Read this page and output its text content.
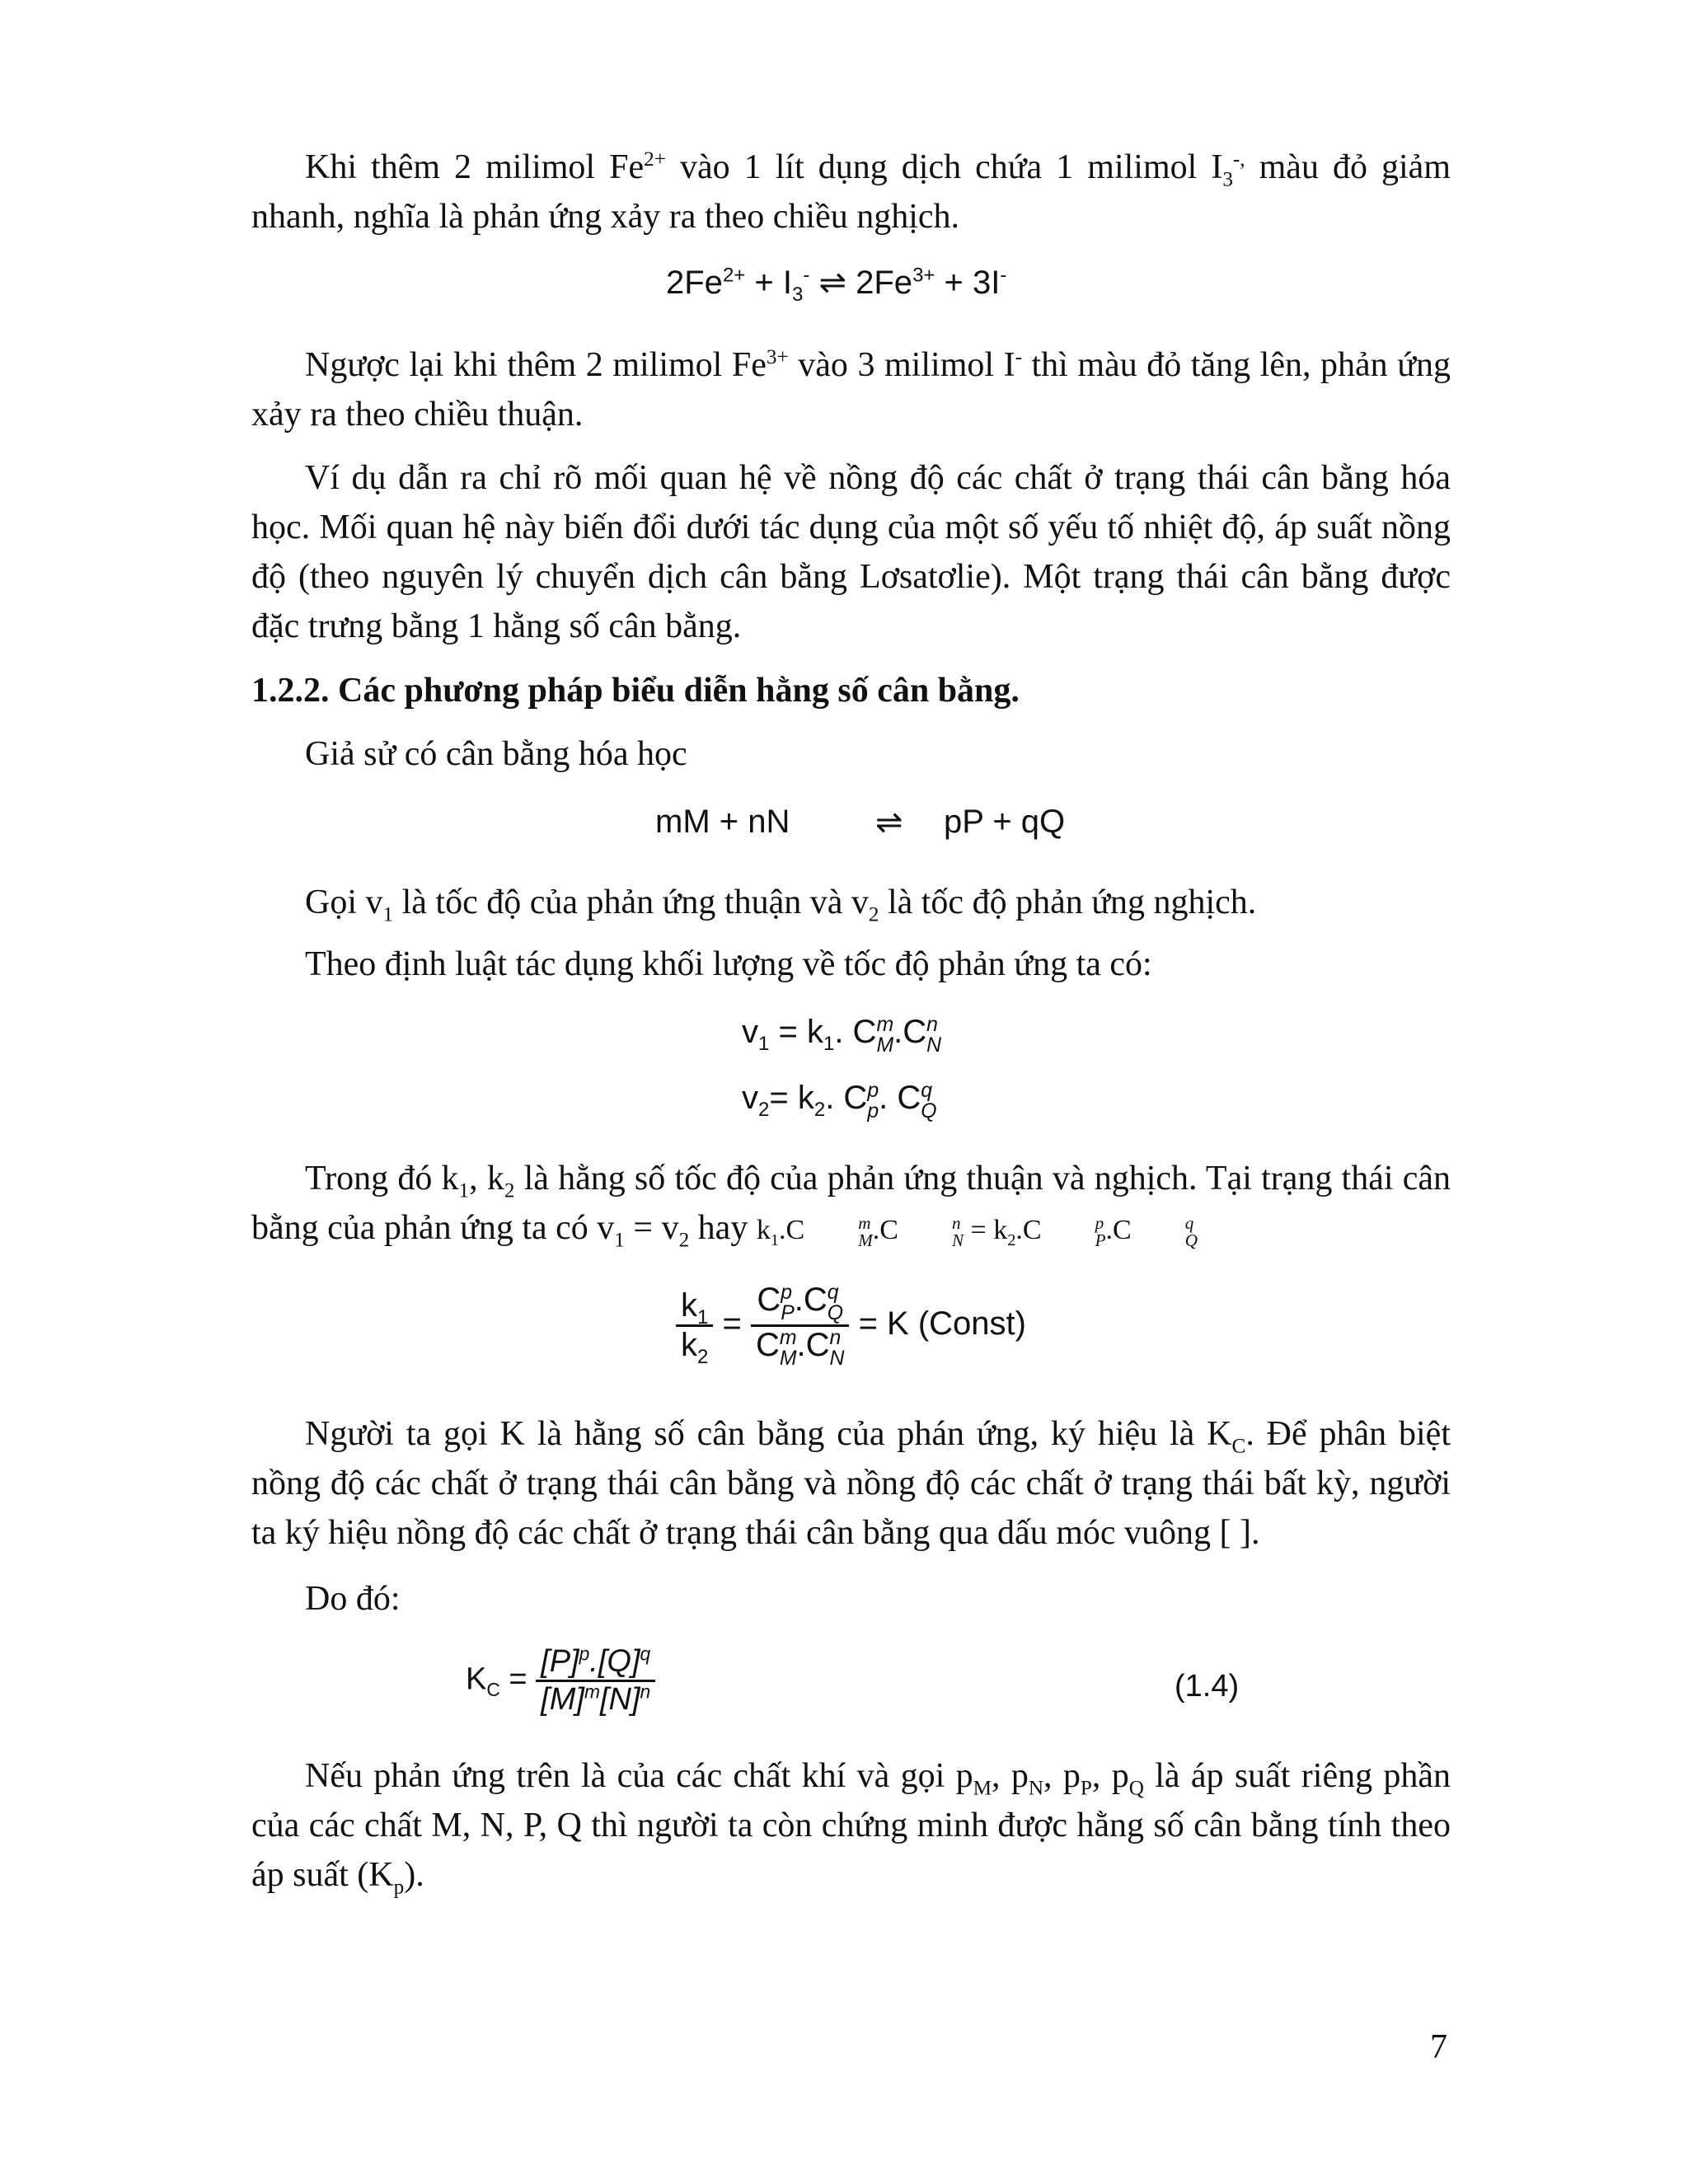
Khi thêm 2 milimol $Fe^{2+}$ vào 1 lít dụng dịch chứa 1 milimol $I_3^{-,}$ màu đỏ giảm nhanh, nghĩa là phản ứng xảy ra theo chiều nghịch.
$2Fe^{2+} + I_3^-$ ⇌ $2Fe^{3+} + 3I^-$
Ngược lại khi thêm 2 milimol $Fe^{3+}$ vào 3 milimol I- thì màu đỏ tăng lên, phản ứng xảy ra theo chiều thuận.
Ví dụ dẫn ra chỉ rõ mối quan hệ về nồng độ các chất ở trạng thái cân bằng hóa học. Mối quan hệ này biến đổi dưới tác dụng của một số yếu tố nhiệt độ, áp suất nồng độ (theo nguyên lý chuyển dịch cân bằng Lơsatơlie). Một trạng thái cân bằng được đặc trưng bằng 1 hằng số cân bằng.
1.2.2. Các phương pháp biểu diễn hằng số cân bằng.
Giả sử có cân bằng hóa học
mM + nN	⇌ pP + qQ
Gọi $v_1$ là tốc độ của phản ứng thuận và $v_2$ là tốc độ phản ứng nghịch.
Theo định luật tác dụng khối lượng về tốc độ phản ứng ta có:
$v_1 = k_1$. C m
M .C n
N
$v_2= k_2$. C p
p . C q
Q
Trong đó $k_1$, $k_2$ là hằng số tốc độ của phản ứng thuận và nghịch. Tại trạng thái cân bằng của phản ứng ta có $v_1 = v_2$ hay $k_1.C$	m
M .C	n
$N = k_2.C$	p
P .C	q
Q
$\frac{k_1}{k_2} = C$ p
P .C q
Q
C m
M .C n
N = K (Const)
Người ta gọi K là hằng số cân bằng của phán ứng, ký hiệu là $K_C$. Để phân biệt nồng độ các chất ở trạng thái cân bằng và nồng độ các chất ở trạng thái bất kỳ, người ta ký hiệu nồng độ các chất ở trạng thái cân bằng qua dấu móc vuông [ ].
Do đó:
$K_C = \frac{[P]^p.[Q]^q}{[M]^m[N]^n}$	(1.4)
Nếu phản ứng trên là của các chất khí và gọi $p_M$, $p_N$, $p_P$, $p_Q$ là áp suất riêng phần của các chất M, N, P, Q thì người ta còn chứng minh được hằng số cân bằng tính theo áp suất $(K_p)$.
7
